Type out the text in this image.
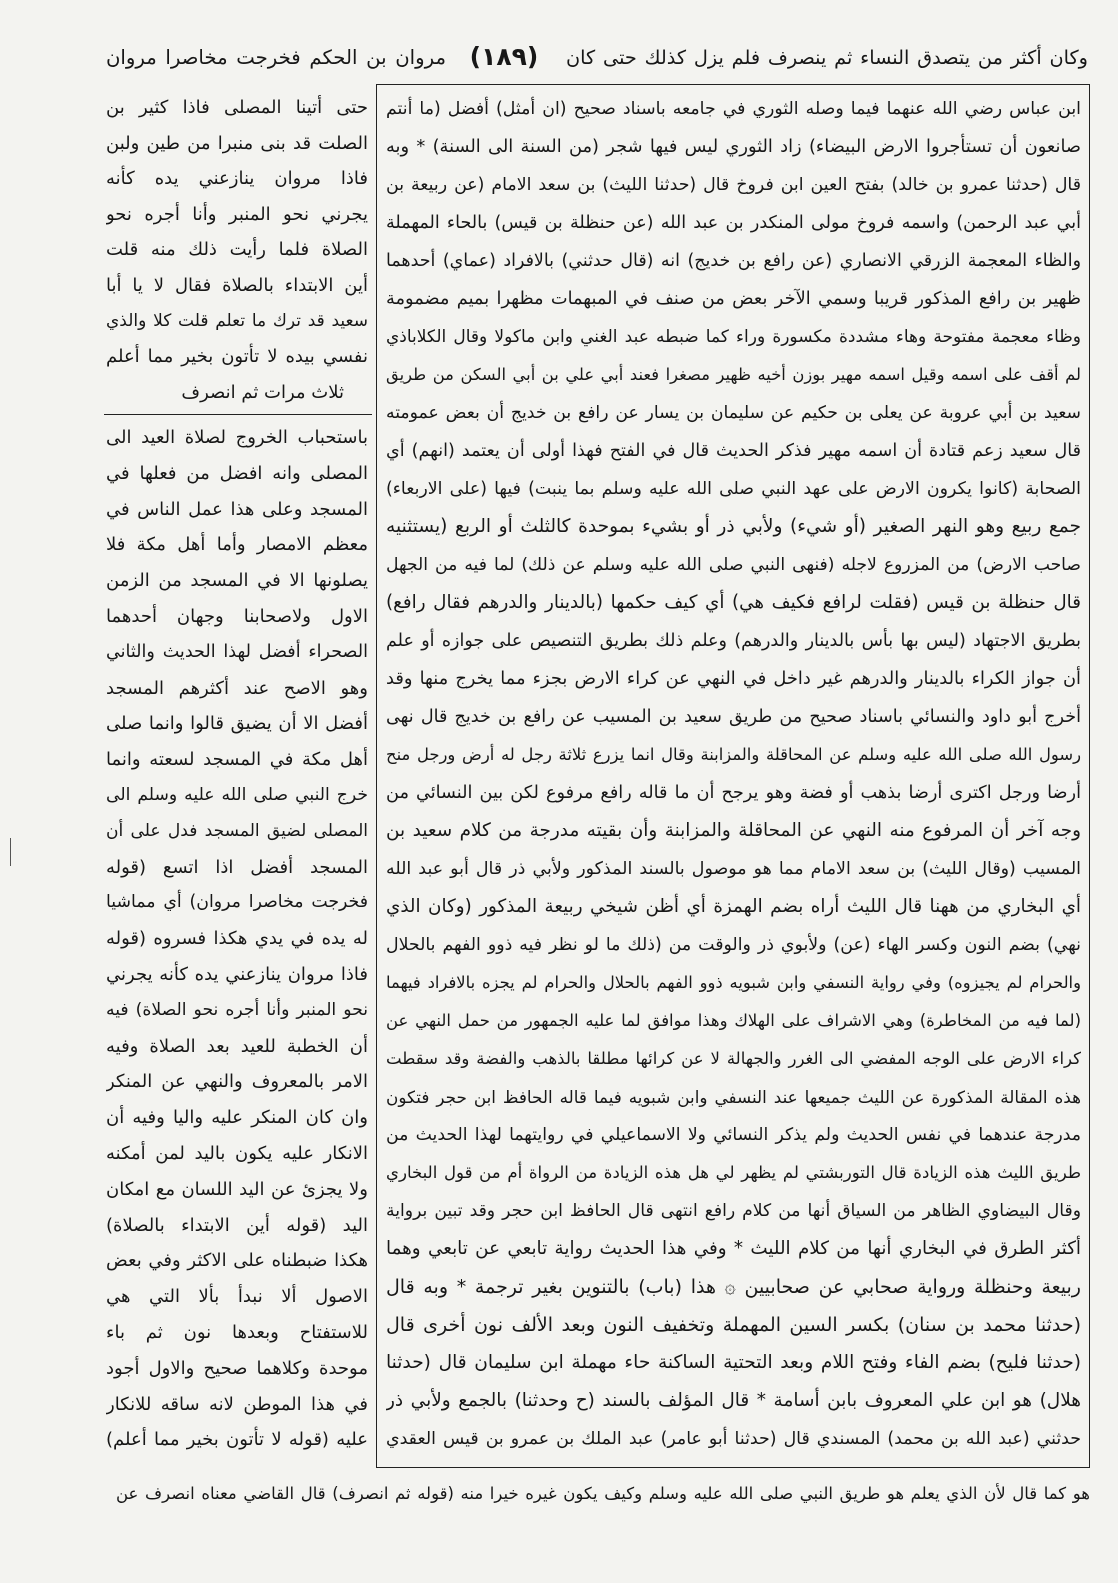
وكان أكثر من يتصدق النساء ثم ينصرف فلم يزل كذلك حتى كان
(١٨٩)
مروان بن الحكم فخرجت مخاصرا مروان
ابن عباس رضي الله عنهما فيما وصله الثوري في جامعه باسناد صحيح (ان أمثل) أفضل (ما أنتم
صانعون أن تستأجروا الارض البيضاء) زاد الثوري ليس فيها شجر (من السنة الى السنة) * وبه
قال (حدثنا عمرو بن خالد) بفتح العين ابن فروخ قال (حدثنا الليث) بن سعد الامام (عن ربيعة بن
أبي عبد الرحمن) واسمه فروخ مولى المنكدر بن عبد الله (عن حنظلة بن قيس) بالحاء المهملة
والظاء المعجمة الزرقي الانصاري (عن رافع بن خديج) انه (قال حدثني) بالافراد (عماي) أحدهما
ظهير بن رافع المذكور قريبا وسمي الآخر بعض من صنف في المبهمات مظهرا بميم مضمومة
وظاء معجمة مفتوحة وهاء مشددة مكسورة وراء كما ضبطه عبد الغني وابن ماكولا وقال الكلاباذي
لم أقف على اسمه وقيل اسمه مهير بوزن أخيه ظهير مصغرا فعند أبي علي بن أبي السكن من طريق
سعيد بن أبي عروبة عن يعلى بن حكيم عن سليمان بن يسار عن رافع بن خديج أن بعض عمومته
قال سعيد زعم قتادة أن اسمه مهير فذكر الحديث قال في الفتح فهذا أولى أن يعتمد (انهم) أي
الصحابة (كانوا يكرون الارض على عهد النبي صلى الله عليه وسلم بما ينبت) فيها (على الاربعاء)
جمع ربيع وهو النهر الصغير (أو شيء) ولأبي ذر أو بشيء بموحدة كالثلث أو الربع (يستثنيه
صاحب الارض) من المزروع لاجله (فنهى النبي صلى الله عليه وسلم عن ذلك) لما فيه من الجهل
قال حنظلة بن قيس (فقلت لرافع فكيف هي) أي كيف حكمها (بالدينار والدرهم فقال رافع)
بطريق الاجتهاد (ليس بها بأس بالدينار والدرهم) وعلم ذلك بطريق التنصيص على جوازه أو علم
أن جواز الكراء بالدينار والدرهم غير داخل في النهي عن كراء الارض بجزء مما يخرج منها وقد
أخرج أبو داود والنسائي باسناد صحيح من طريق سعيد بن المسيب عن رافع بن خديج قال نهى
رسول الله صلى الله عليه وسلم عن المحاقلة والمزابنة وقال انما يزرع ثلاثة رجل له أرض ورجل منح
أرضا ورجل اكترى أرضا بذهب أو فضة وهو يرجح أن ما قاله رافع مرفوع لكن بين النسائي من
وجه آخر أن المرفوع منه النهي عن المحاقلة والمزابنة وأن بقيته مدرجة من كلام سعيد بن
المسيب (وقال الليث) بن سعد الامام مما هو موصول بالسند المذكور ولأبي ذر قال أبو عبد الله
أي البخاري من ههنا قال الليث أراه بضم الهمزة أي أظن شيخي ربيعة المذكور (وكان الذي
نهي) بضم النون وكسر الهاء (عن) ولأبوي ذر والوقت من (ذلك ما لو نظر فيه ذوو الفهم بالحلال
والحرام لم يجيزوه) وفي رواية النسفي وابن شبويه ذوو الفهم بالحلال والحرام لم يجزه بالافراد فيهما
(لما فيه من المخاطرة) وهي الاشراف على الهلاك وهذا موافق لما عليه الجمهور من حمل النهي عن
كراء الارض على الوجه المفضي الى الغرر والجهالة لا عن كرائها مطلقا بالذهب والفضة وقد سقطت
هذه المقالة المذكورة عن الليث جميعها عند النسفي وابن شبويه فيما قاله الحافظ ابن حجر فتكون
مدرجة عندهما في نفس الحديث ولم يذكر النسائي ولا الاسماعيلي في روايتهما لهذا الحديث من
طريق الليث هذه الزيادة قال التوربشتي لم يظهر لي هل هذه الزيادة من الرواة أم من قول البخاري
وقال البيضاوي الظاهر من السياق أنها من كلام رافع انتهى قال الحافظ ابن حجر وقد تبين برواية
أكثر الطرق في البخاري أنها من كلام الليث * وفي هذا الحديث رواية تابعي عن تابعي وهما
ربيعة وحنظلة ورواية صحابي عن صحابيين ۞ هذا (باب) بالتنوين بغير ترجمة * وبه قال
(حدثنا محمد بن سنان) بكسر السين المهملة وتخفيف النون وبعد الألف نون أخرى قال
(حدثنا فليح) بضم الفاء وفتح اللام وبعد التحتية الساكنة حاء مهملة ابن سليمان قال (حدثنا
هلال) هو ابن علي المعروف بابن أسامة * قال المؤلف بالسند (ح وحدثنا) بالجمع ولأبي ذر
حدثني (عبد الله بن محمد) المسندي قال (حدثنا أبو عامر) عبد الملك بن عمرو بن قيس العقدي
حتى أتينا المصلى فاذا كثير بن
الصلت قد بنى منبرا من طين ولبن
فاذا مروان ينازعني يده كأنه
يجرني نحو المنبر وأنا أجره نحو
الصلاة فلما رأيت ذلك منه قلت
أين الابتداء بالصلاة فقال لا يا أبا
سعيد قد ترك ما تعلم قلت كلا والذي
نفسي بيده لا تأتون بخير مما أعلم
ثلاث مرات ثم انصرف
باستحباب الخروج لصلاة العيد الى
المصلى وانه افضل من فعلها في
المسجد وعلى هذا عمل الناس في
معظم الامصار وأما أهل مكة فلا
يصلونها الا في المسجد من الزمن
الاول ولاصحابنا وجهان أحدهما
الصحراء أفضل لهذا الحديث والثاني
وهو الاصح عند أكثرهم المسجد
أفضل الا أن يضيق قالوا وانما صلى
أهل مكة في المسجد لسعته وانما
خرج النبي صلى الله عليه وسلم الى
المصلى لضيق المسجد فدل على أن
المسجد أفضل اذا اتسع (قوله
فخرجت مخاصرا مروان) أي مماشيا
له يده في يدي هكذا فسروه (قوله
فاذا مروان ينازعني يده كأنه يجرني
نحو المنبر وأنا أجره نحو الصلاة) فيه
أن الخطبة للعيد بعد الصلاة وفيه
الامر بالمعروف والنهي عن المنكر
وان كان المنكر عليه واليا وفيه أن
الانكار عليه يكون باليد لمن أمكنه
ولا يجزئ عن اليد اللسان مع امكان
اليد (قوله أين الابتداء بالصلاة)
هكذا ضبطناه على الاكثر وفي بعض
الاصول ألا نبدأ بألا التي هي
للاستفتاح وبعدها نون ثم باء
موحدة وكلاهما صحيح والاول أجود
في هذا الموطن لانه ساقه للانكار
عليه (قوله لا تأتون بخير مما أعلم)
هو كما قال لأن الذي يعلم هو طريق النبي صلى الله عليه وسلم وكيف يكون غيره خيرا منه (قوله ثم انصرف) قال القاضي معناه انصرف عن
